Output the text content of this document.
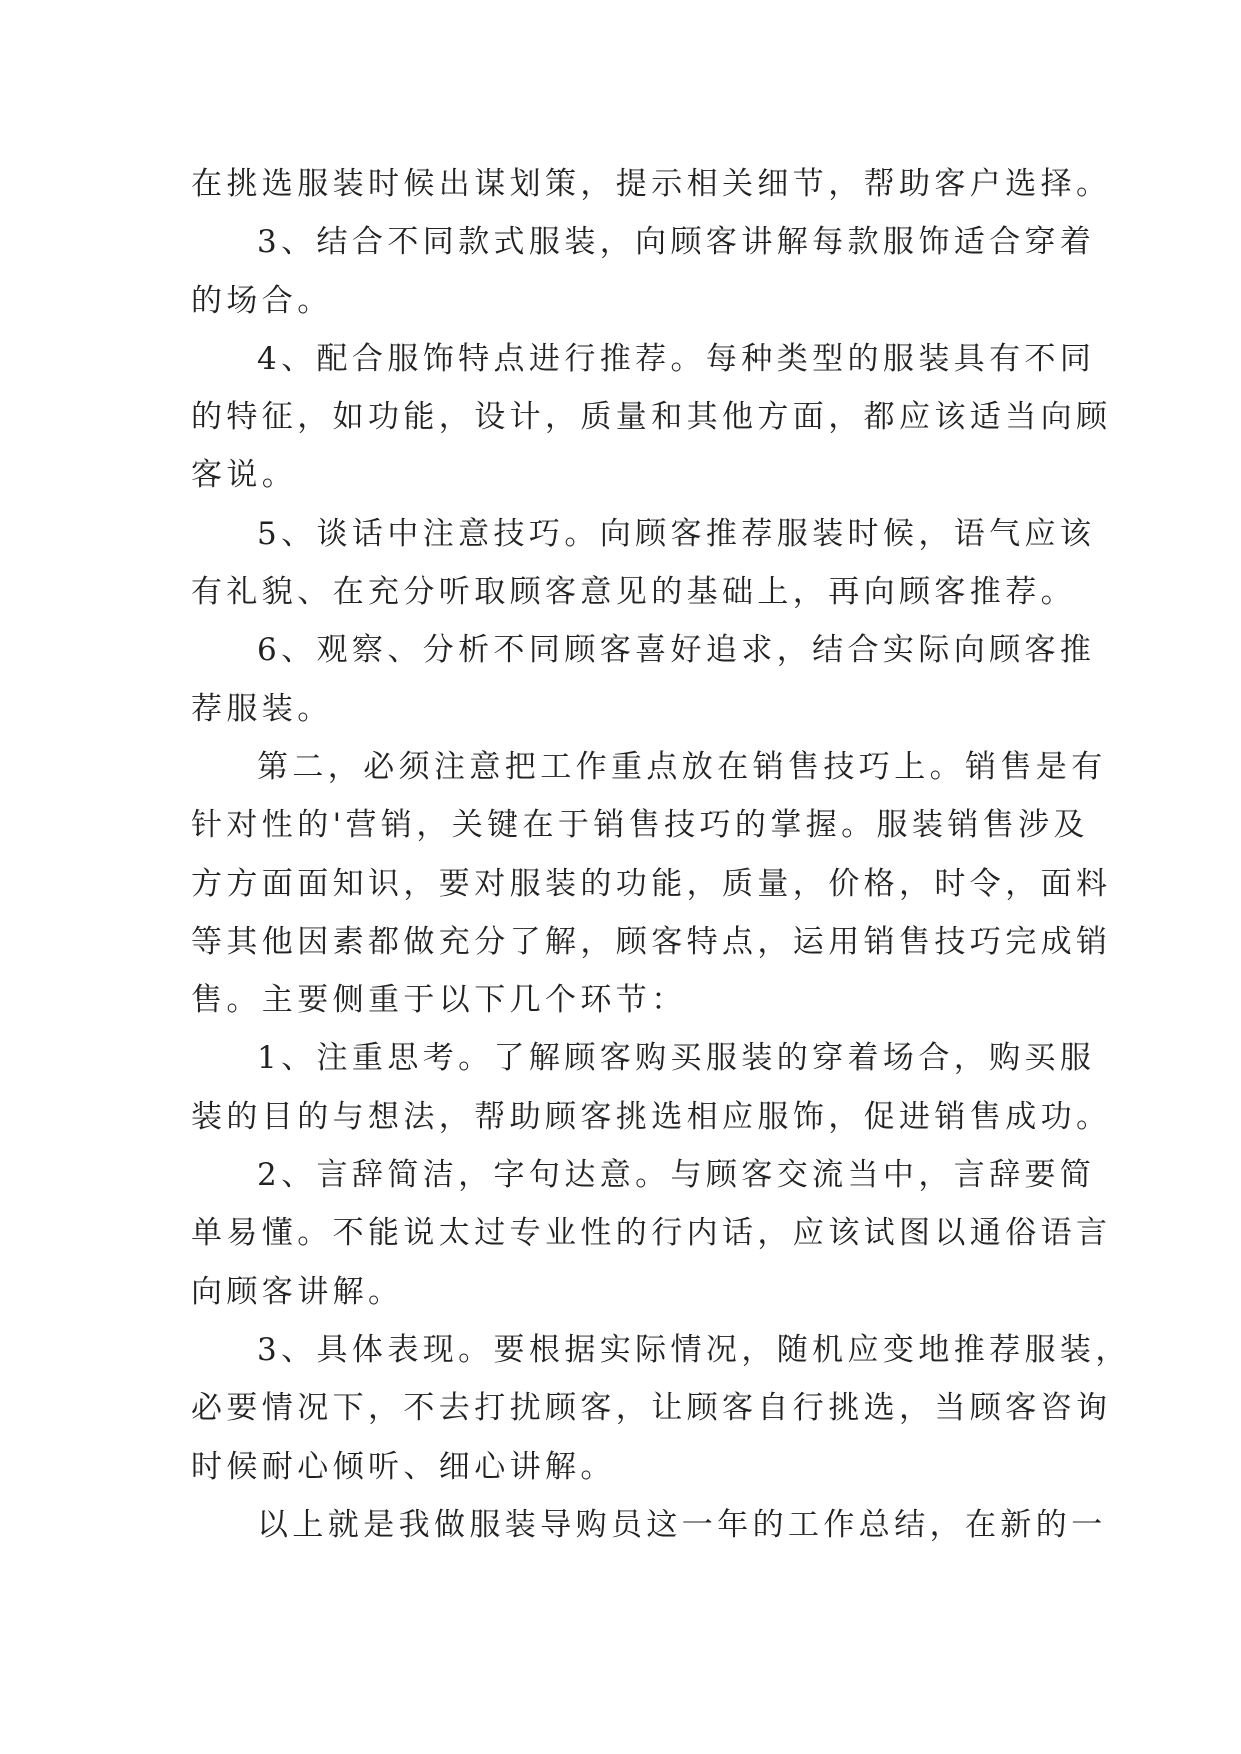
在挑选服装时候出谋划策，提示相关细节，帮助客户选择。
3、结合不同款式服装，向顾客讲解每款服饰适合穿着
的场合。
4、配合服饰特点进行推荐。每种类型的服装具有不同
的特征，如功能，设计，质量和其他方面，都应该适当向顾
客说。
5、谈话中注意技巧。向顾客推荐服装时候，语气应该
有礼貌、在充分听取顾客意见的基础上，再向顾客推荐。
6、观察、分析不同顾客喜好追求，结合实际向顾客推
荐服装。
第二，必须注意把工作重点放在销售技巧上。销售是有
针对性的'营销，关键在于销售技巧的掌握。服装销售涉及
方方面面知识，要对服装的功能，质量，价格，时令，面料
等其他因素都做充分了解，顾客特点，运用销售技巧完成销
售。主要侧重于以下几个环节：
1、注重思考。了解顾客购买服装的穿着场合，购买服
装的目的与想法，帮助顾客挑选相应服饰，促进销售成功。
2、言辞简洁，字句达意。与顾客交流当中，言辞要简
单易懂。不能说太过专业性的行内话，应该试图以通俗语言
向顾客讲解。
3、具体表现。要根据实际情况，随机应变地推荐服装，
必要情况下，不去打扰顾客，让顾客自行挑选，当顾客咨询
时候耐心倾听、细心讲解。
以上就是我做服装导购员这一年的工作总结，在新的一
